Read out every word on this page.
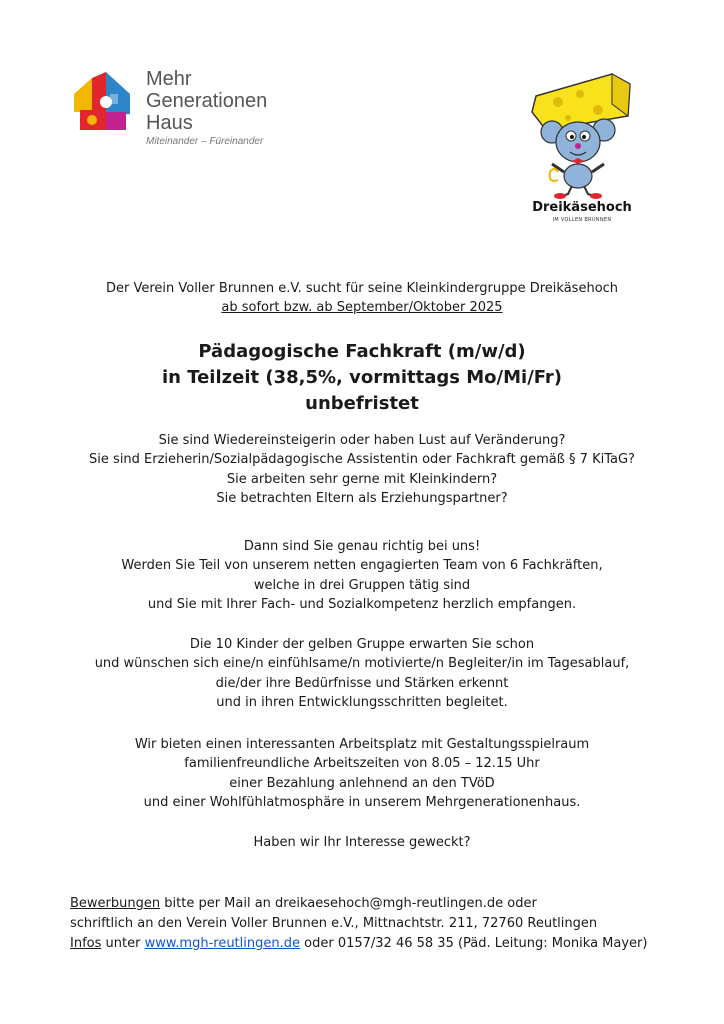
Mehr
Generationen
Haus
Miteinander – Füreinander
Dreikäsehoch
IM VOLLEN BRUNNEN

Der Verein Voller Brunnen e.V. sucht für seine Kleinkindergruppe Dreikäsehoch

ab sofort bzw. ab September/Oktober 2025

Pädagogische Fachkraft (m/w/d)

in Teilzeit (38,5%, vormittags Mo/Mi/Fr)

unbefristet

Sie sind Wiedereinsteigerin oder haben Lust auf Veränderung?

Sie sind Erzieherin/Sozialpädagogische Assistentin oder Fachkraft gemäß § 7 KiTaG?

Sie arbeiten sehr gerne mit Kleinkindern?

Sie betrachten Eltern als Erziehungspartner?

Dann sind Sie genau richtig bei uns!

Werden Sie Teil von unserem netten engagierten Team von 6 Fachkräften,

welche in drei Gruppen tätig sind

und Sie mit Ihrer Fach- und Sozialkompetenz herzlich empfangen.

Die 10 Kinder der gelben Gruppe erwarten Sie schon

und wünschen sich eine/n einfühlsame/n motivierte/n Begleiter/in im Tagesablauf,

die/der ihre Bedürfnisse und Stärken erkennt

und in ihren Entwicklungsschritten begleitet.

Wir bieten einen interessanten Arbeitsplatz mit Gestaltungsspielraum

familienfreundliche Arbeitszeiten von 8.05 – 12.15 Uhr

einer Bezahlung anlehnend an den TVöD

und einer Wohlfühlatmosphäre in unserem Mehrgenerationenhaus.

Haben wir Ihr Interesse geweckt?

Bewerbungen bitte per Mail an dreikaesehoch@mgh-reutlingen.de oder
schriftlich an den Verein Voller Brunnen e.V., Mittnachtstr. 211, 72760 Reutlingen
Infos unter www.mgh-reutlingen.de oder 0157/32 46 58 35 (Päd. Leitung: Monika Mayer)
